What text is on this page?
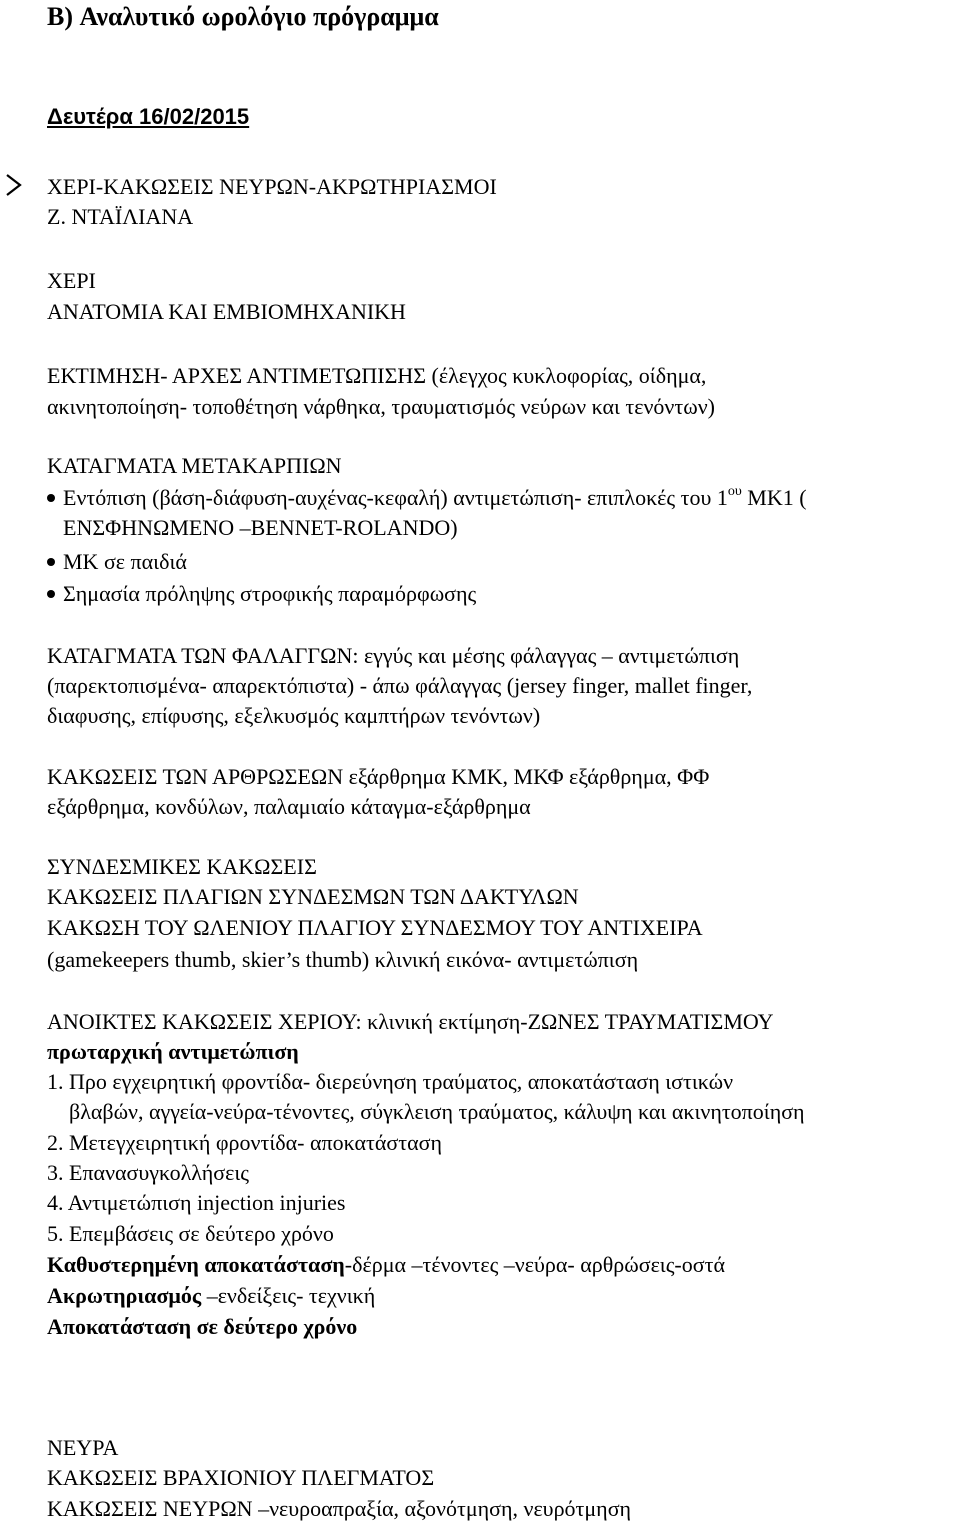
B) Αναλυτικό ωρολόγιο πρόγραμμα
Δευτέρα 16/02/2015
ΧΕΡΙ-ΚΑΚΩΣΕΙΣ ΝΕΥΡΩΝ-ΑΚΡΩΤΗΡΙΑΣΜΟΙ
Ζ. ΝΤΑΪΛΙΑΝΑ
ΧΕΡΙ
ΑΝΑΤΟΜΙΑ ΚΑΙ ΕΜΒΙΟΜΗΧΑΝΙΚΗ
ΕΚΤΙΜΗΣΗ- ΑΡΧΕΣ ΑΝΤΙΜΕΤΩΠΙΣΗΣ (έλεγχος κυκλοφορίας, οίδημα,
ακινητοποίηση- τοποθέτηση νάρθηκα, τραυματισμός νεύρων και τενόντων)
ΚΑΤΑΓΜΑΤΑ ΜΕΤΑΚΑΡΠΙΩΝ
Εντόπιση (βάση-διάφυση-αυχένας-κεφαλή) αντιμετώπιση- επιπλοκές του $1^{o\upsilon}$ ΜΚ1 (
ΕΝΣΦΗΝΩΜΕΝΟ –BENNET-ROLANDO)
ΜΚ σε παιδιά
Σημασία πρόληψης στροφικής παραμόρφωσης
ΚΑΤΑΓΜΑΤΑ ΤΩΝ ΦΑΛΑΓΓΩΝ: εγγύς και μέσης φάλαγγας – αντιμετώπιση
(παρεκτοπισμένα- απαρεκτόπιστα) - άπω φάλαγγας (jersey finger, mallet finger,
διαφυσης, επίφυσης, εξελκυσμός καμπτήρων τενόντων)
ΚΑΚΩΣΕΙΣ ΤΩΝ ΑΡΘΡΩΣΕΩΝ εξάρθρημα ΚΜΚ, ΜΚΦ εξάρθρημα, ΦΦ
εξάρθρημα, κονδύλων, παλαμιαίο κάταγμα-εξάρθρημα
ΣΥΝΔΕΣΜΙΚΕΣ ΚΑΚΩΣΕΙΣ
ΚΑΚΩΣΕΙΣ ΠΛΑΓΙΩΝ ΣΥΝΔΕΣΜΩΝ ΤΩΝ ΔΑΚΤΥΛΩΝ
ΚΑΚΩΣΗ ΤΟΥ ΩΛΕΝΙΟΥ ΠΛΑΓΙΟΥ ΣΥΝΔΕΣΜΟΥ ΤΟΥ ΑΝΤΙΧΕΙΡΑ
(gamekeepers thumb, skier’s thumb) κλινική εικόνα- αντιμετώπιση
ΑΝΟΙΚΤΕΣ ΚΑΚΩΣΕΙΣ ΧΕΡΙΟΥ: κλινική εκτίμηση-ΖΩΝΕΣ ΤΡΑΥΜΑΤΙΣΜΟΥ
πρωταρχική αντιμετώπιση
1. Προ εγχειρητική φροντίδα- διερεύνηση τραύματος, αποκατάσταση ιστικών
βλαβών, αγγεία-νεύρα-τένοντες, σύγκλειση τραύματος, κάλυψη και ακινητοποίηση
2. Μετεγχειρητική φροντίδα- αποκατάσταση
3. Επανασυγκολλήσεις
4. Αντιμετώπιση injection injuries
5. Επεμβάσεις σε δεύτερο χρόνο
Καθυστερημένη αποκατάσταση-δέρμα –τένοντες –νεύρα- αρθρώσεις-οστά
Ακρωτηριασμός –ενδείξεις- τεχνική
Αποκατάσταση σε δεύτερο χρόνο
ΝΕΥΡΑ
ΚΑΚΩΣΕΙΣ ΒΡΑΧΙΟΝΙΟΥ ΠΛΕΓΜΑΤΟΣ
ΚΑΚΩΣΕΙΣ ΝΕΥΡΩΝ –νευροαπραξία, αξονότμηση, νευρότμηση
